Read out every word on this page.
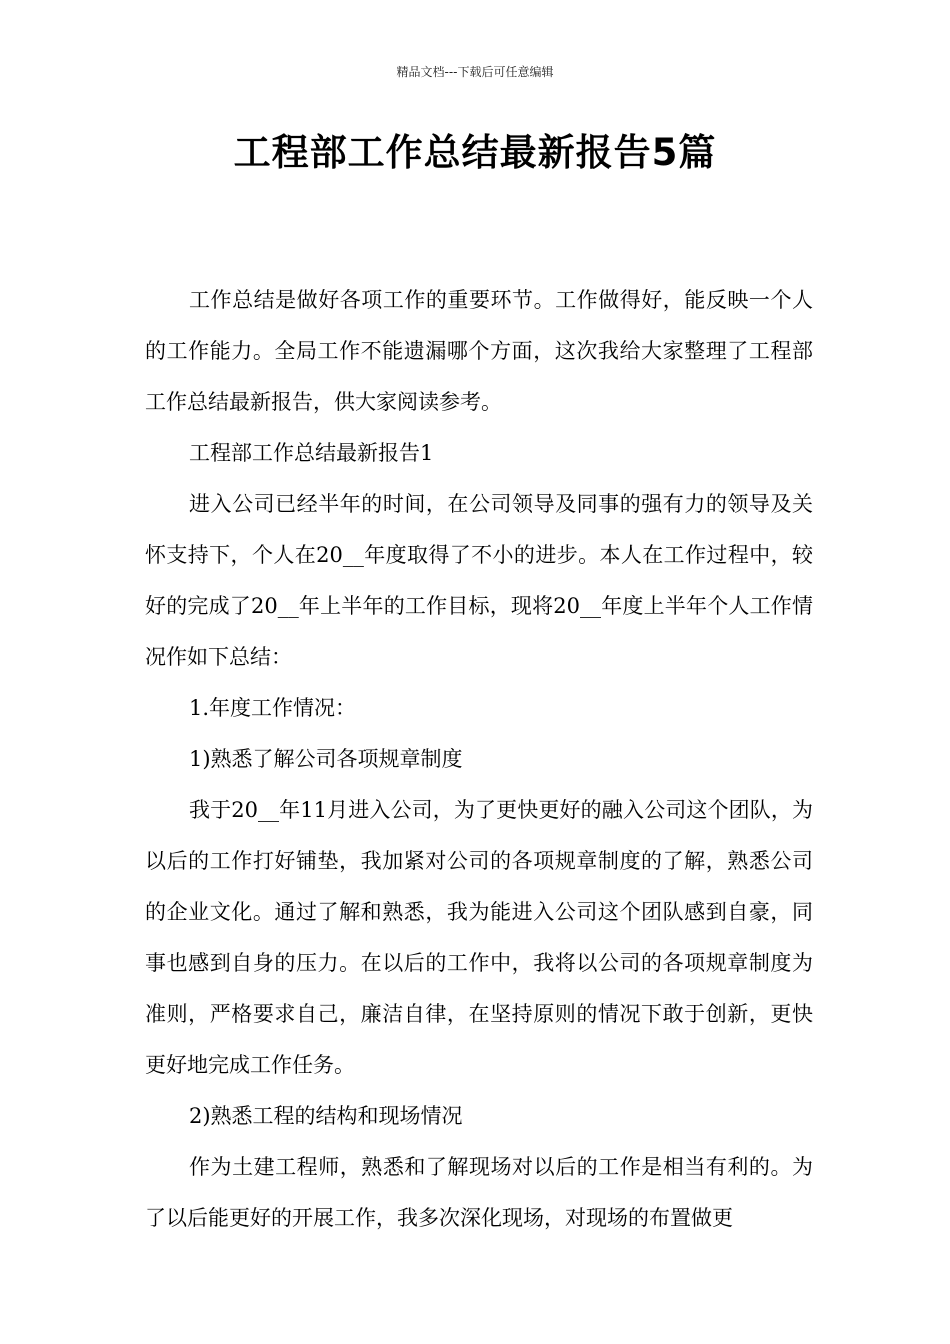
精品文档---下载后可任意编辑
工程部工作总结最新报告5篇

工作总结是做好各项工作的重要环节。工作做得好，能反映一个人的工作能力。全局工作不能遗漏哪个方面，这次我给大家整理了工程部工作总结最新报告，供大家阅读参考。

工程部工作总结最新报告1

进入公司已经半年的时间，在公司领导及同事的强有力的领导及关怀支持下，个人在20__年度取得了不小的进步。本人在工作过程中，较好的完成了20__年上半年的工作目标，现将20__年度上半年个人工作情况作如下总结：

1.年度工作情况：

1)熟悉了解公司各项规章制度

我于20__年11月进入公司，为了更快更好的融入公司这个团队，为以后的工作打好铺垫，我加紧对公司的各项规章制度的了解，熟悉公司的企业文化。通过了解和熟悉，我为能进入公司这个团队感到自豪，同事也感到自身的压力。在以后的工作中，我将以公司的各项规章制度为准则，严格要求自己，廉洁自律，在坚持原则的情况下敢于创新，更快更好地完成工作任务。

2)熟悉工程的结构和现场情况

作为土建工程师，熟悉和了解现场对以后的工作是相当有利的。为了以后能更好的开展工作，我多次深化现场，对现场的布置做更
